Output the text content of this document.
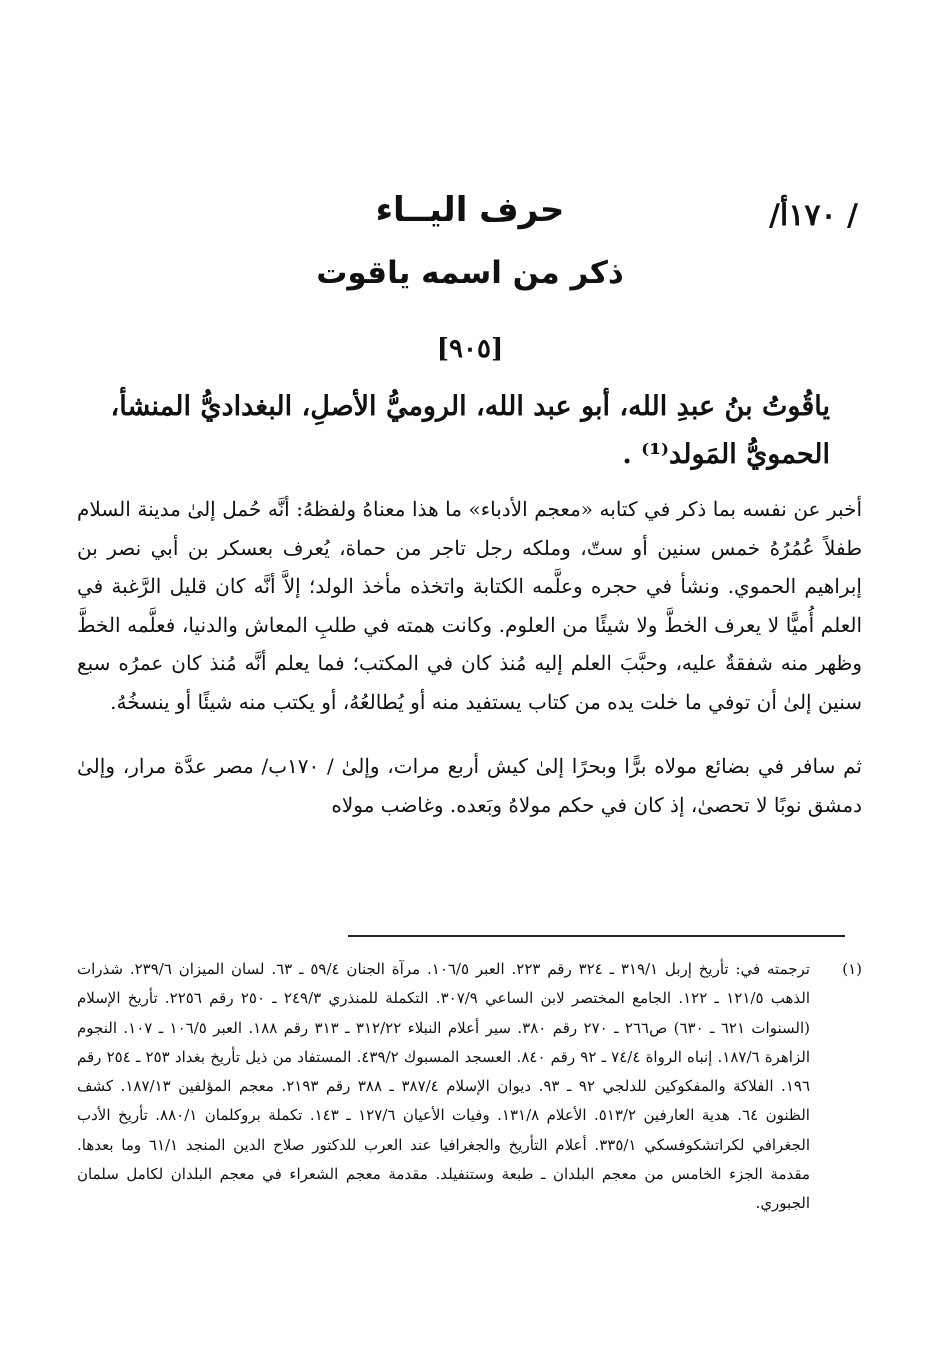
/ ١٧٠أ/
حرف اليــاء
ذكر من اسمه ياقوت
[٩٠٥]
ياقُوتُ بنُ عبدِ الله، أبو عبد الله، الروميُّ الأصلِ، البغداديُّ المنشأ، الحمويُّ المَولد⁽¹⁾ .

أخبر عن نفسه بما ذكر في كتابه «معجم الأدباء» ما هذا معناهُ ولفظهُ: أنَّه حُمل إلىٰ مدينة السلام طفلاً عُمُرُهُ خمس سنين أو ستّ، وملكه رجل تاجر من حماة، يُعرف بعسكر بن أبي نصر بن إبراهيم الحموي. ونشأ في حجره وعلَّمه الكتابة واتخذه مأخذ الولد؛ إلاَّ أنَّه كان قليل الرَّغبة في العلم أُميًّا لا يعرف الخطَّ ولا شيئًا من العلوم. وكانت همته في طلبِ المعاش والدنيا، فعلَّمه الخطَّ وظهر منه شفقةٌ عليه، وحبَّبَ العلم إليه مُنذ كان في المكتب؛ فما يعلم أنَّه مُنذ كان عمرُه سبع سنين إلىٰ أن توفي ما خلت يده من كتاب يستفيد منه أو يُطالعُهُ، أو يكتب منه شيئًا أو ينسخُهُ.

ثم سافر في بضائع مولاه برًّا وبحرًا إلىٰ كيش أربع مرات، وإلىٰ / ١٧٠ب/ مصر عدَّة مرار، وإلىٰ دمشق نوبًا لا تحصىٰ، إذ كان في حكم مولاهُ وبَعده. وغاضب مولاه

(١)
ترجمته في: تأريخ إربل ٣١٩/١ ـ ٣٢٤ رقم ٢٢٣. العبر ١٠٦/٥. مرآة الجنان ٥٩/٤ ـ ٦٣. لسان الميزان ٢٣٩/٦. شذرات الذهب ١٢١/٥ ـ ١٢٢. الجامع المختصر لابن الساعي ٣٠٧/٩. التكملة للمنذري ٢٤٩/٣ ـ ٢٥٠ رقم ٢٢٥٦. تأريخ الإسلام (السنوات ٦٢١ ـ ٦٣٠) ص٢٦٦ ـ ٢٧٠ رقم ٣٨٠. سير أعلام النبلاء ٣١٢/٢٢ ـ ٣١٣ رقم ١٨٨. العبر ١٠٦/٥ ـ ١٠٧. النجوم الزاهرة ١٨٧/٦. إنباه الرواة ٧٤/٤ ـ ٩٢ رقم ٨٤٠. العسجد المسبوك ٤٣٩/٢. المستفاد من ذيل تأريخ بغداد ٢٥٣ ـ ٢٥٤ رقم ١٩٦. الفلاكة والمفكوكين للدلجي ٩٢ ـ ٩٣. ديوان الإسلام ٣٨٧/٤ ـ ٣٨٨ رقم ٢١٩٣. معجم المؤلفين ١٨٧/١٣. كشف الظنون ٦٤. هدية العارفين ٥١٣/٢. الأعلام ١٣١/٨. وفيات الأعيان ١٢٧/٦ ـ ١٤٣. تكملة بروكلمان ٨٨٠/١. تأريخ الأدب الجغرافي لكراتشكوفسكي ٣٣٥/١. أعلام التأريخ والجغرافيا عند العرب للدكتور صلاح الدين المنجد ٦١/١ وما بعدها. مقدمة الجزء الخامس من معجم البلدان ـ طبعة وستنفيلد. مقدمة معجم الشعراء في معجم البلدان لكامل سلمان الجبوري.
